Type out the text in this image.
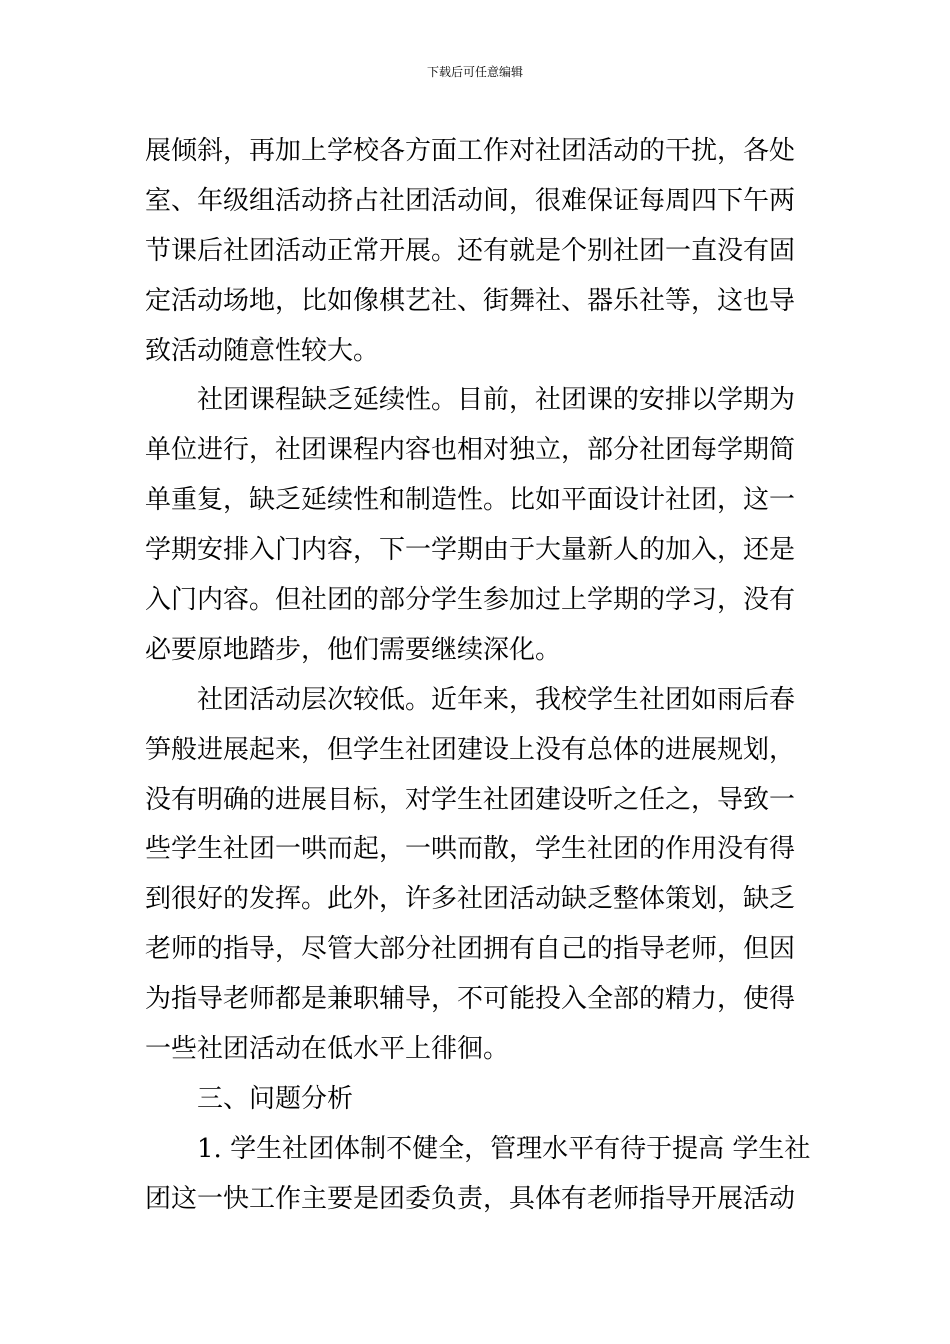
下载后可任意编辑
展倾斜，再加上学校各方面工作对社团活动的干扰，各处
室、年级组活动挤占社团活动间，很难保证每周四下午两
节课后社团活动正常开展。还有就是个别社团一直没有固
定活动场地，比如像棋艺社、街舞社、器乐社等，这也导
致活动随意性较大。
社团课程缺乏延续性。目前，社团课的安排以学期为
单位进行，社团课程内容也相对独立，部分社团每学期简
单重复，缺乏延续性和制造性。比如平面设计社团，这一
学期安排入门内容，下一学期由于大量新人的加入，还是
入门内容。但社团的部分学生参加过上学期的学习，没有
必要原地踏步，他们需要继续深化。
社团活动层次较低。近年来，我校学生社团如雨后春
笋般进展起来，但学生社团建设上没有总体的进展规划，
没有明确的进展目标，对学生社团建设听之任之，导致一
些学生社团一哄而起，一哄而散，学生社团的作用没有得
到很好的发挥。此外，许多社团活动缺乏整体策划，缺乏
老师的指导，尽管大部分社团拥有自己的指导老师，但因
为指导老师都是兼职辅导，不可能投入全部的精力，使得
一些社团活动在低水平上徘徊。
三、问题分析
1. 学生社团体制不健全，管理水平有待于提高 学生社
团这一快工作主要是团委负责，具体有老师指导开展活动
